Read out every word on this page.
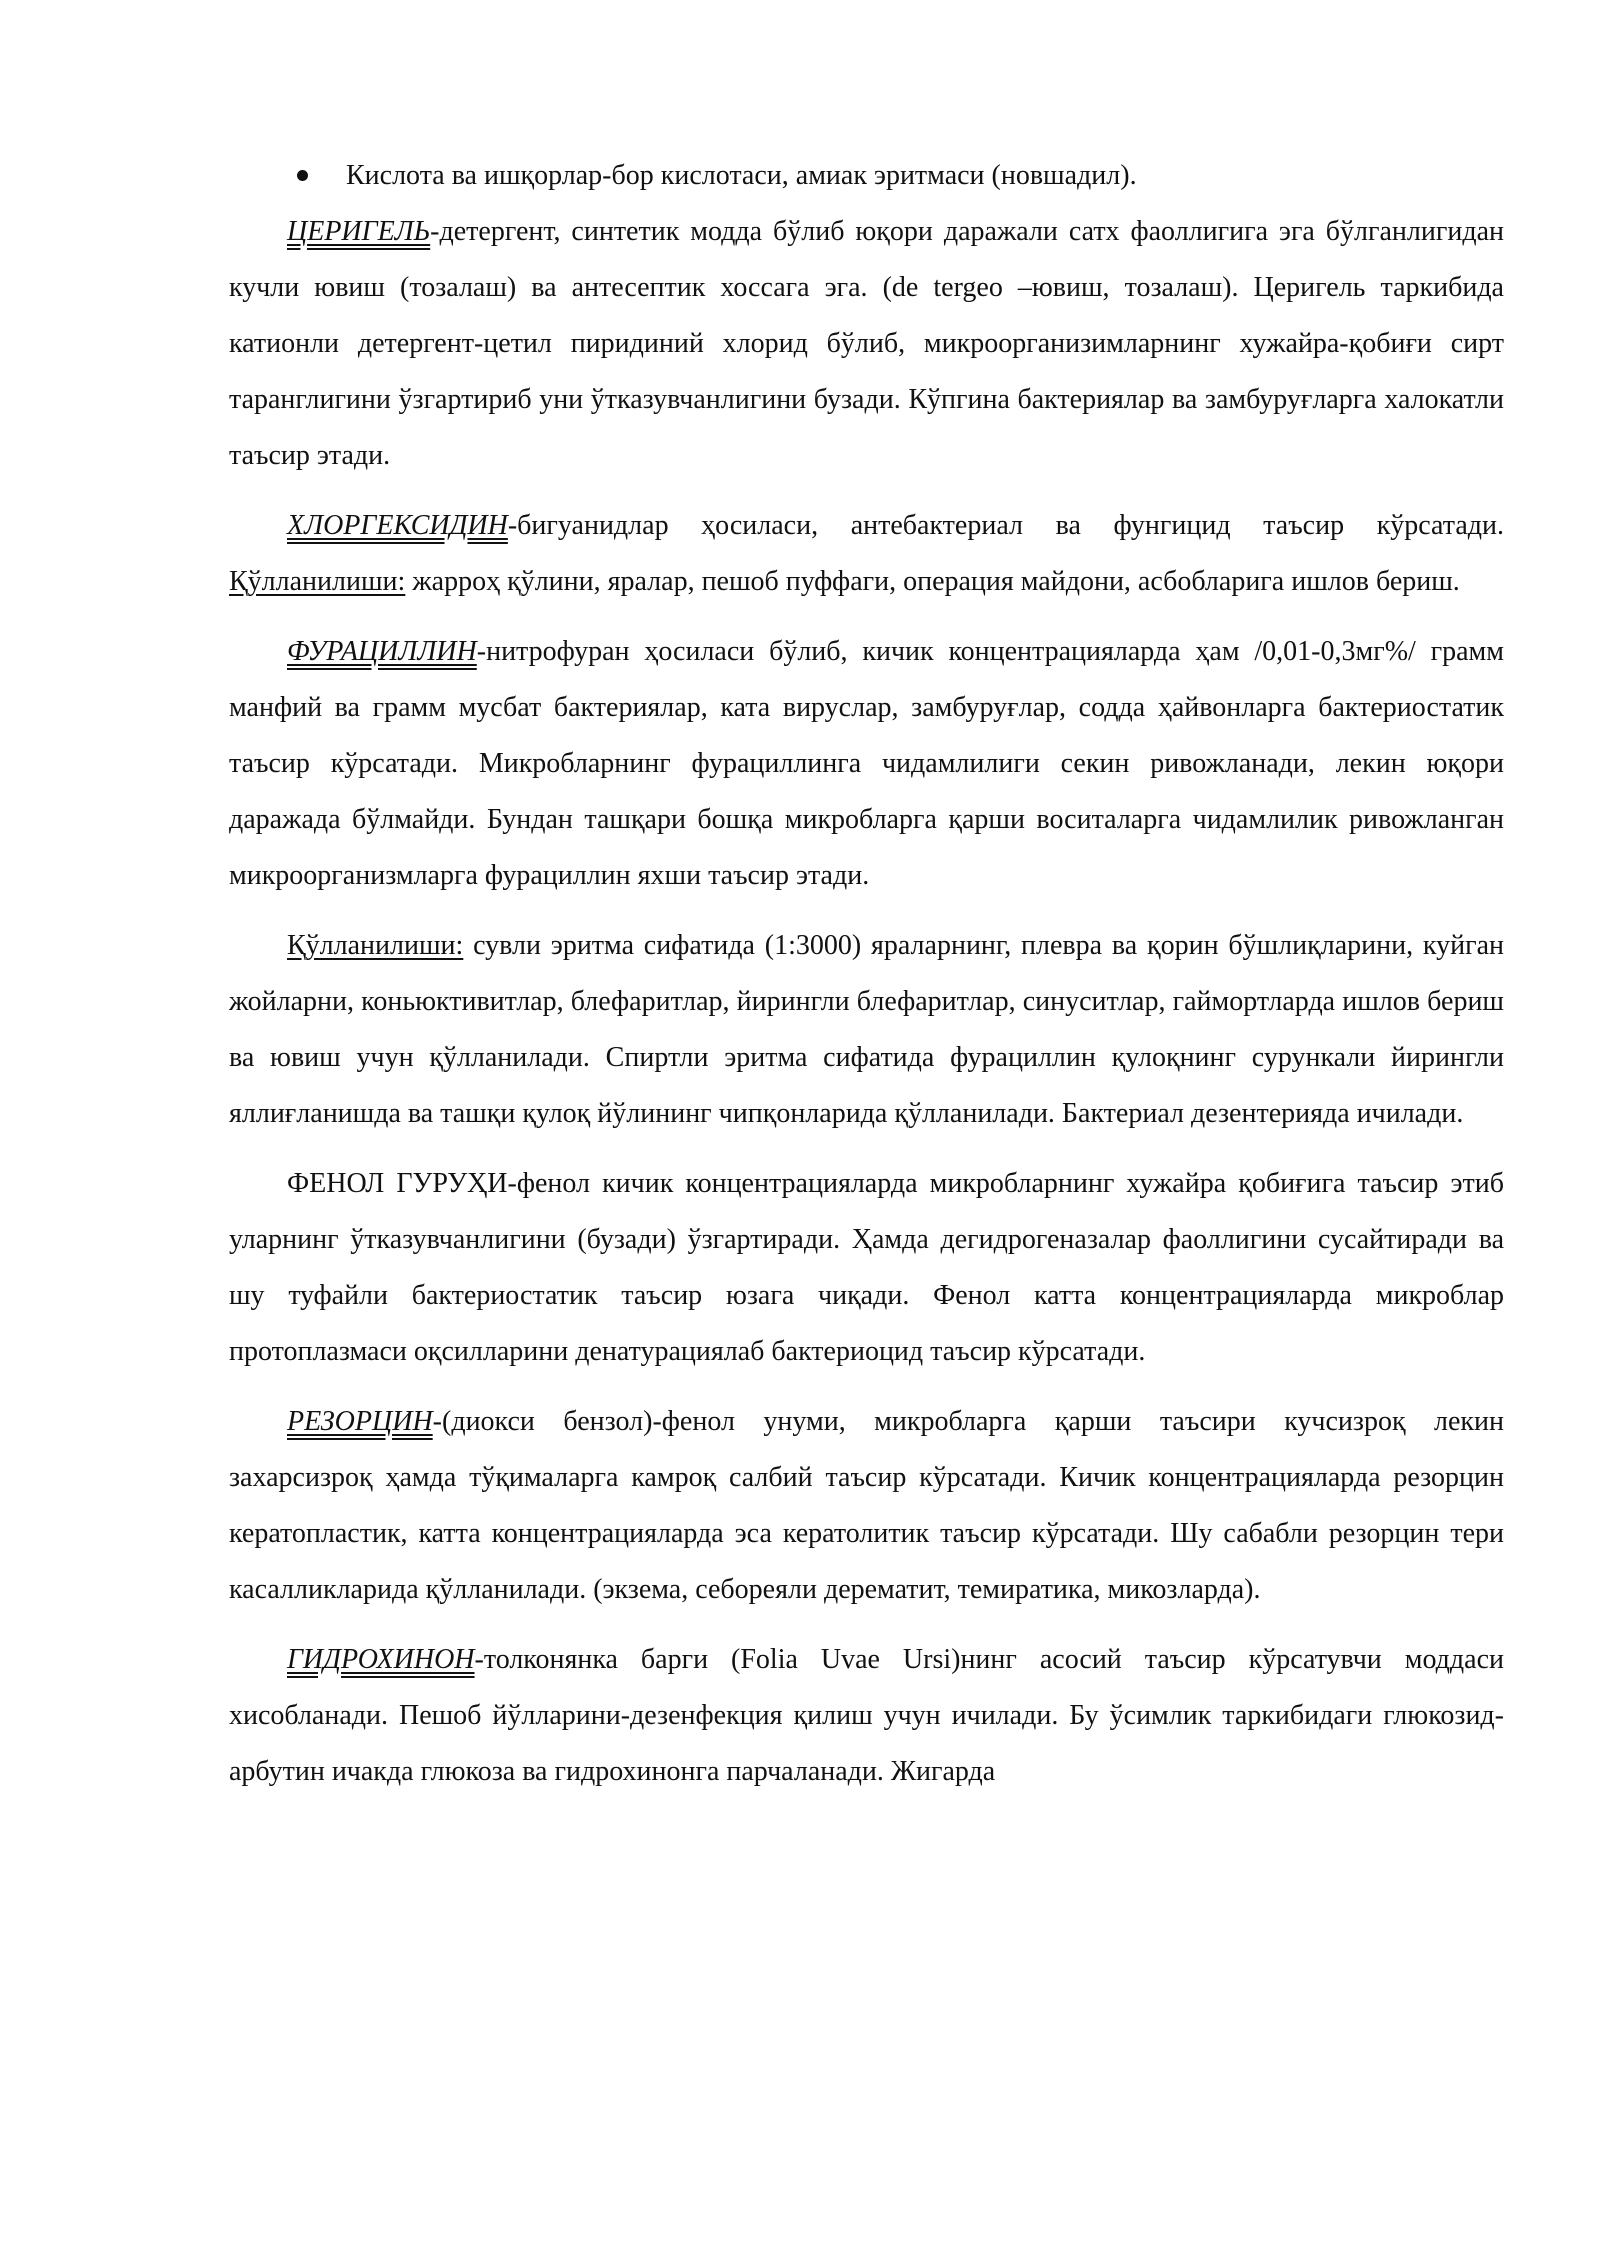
Кислота ва ишқорлар-бор кислотаси, амиак эритмаси (новшадил).

ЦЕРИГЕЛЬ-детергент, синтетик модда бўлиб юқори даражали сатх фаоллигига эга бўлганлигидан кучли ювиш (тозалаш) ва антесептик хоссага эга. (de tergeo –ювиш, тозалаш). Церигель таркибида катионли детергент-цетил пиридиний хлорид бўлиб, микроорганизимларнинг хужайра-қобиғи сирт таранглигини ўзгартириб уни ўтказувчанлигини бузади. Кўпгина бактериялар ва замбуруғларга халокатли таъсир этади.

ХЛОРГЕКСИДИН-бигуанидлар ҳосиласи, антебактериал ва фунгицид таъсир кўрсатади. Қўлланилиши: жарроҳ қўлини, яралар, пешоб пуффаги, операция майдони, асбобларига ишлов бериш.

ФУРАЦИЛЛИН-нитрофуран ҳосиласи бўлиб, кичик концентрацияларда ҳам /0,01-0,3мг%/ грамм манфий ва грамм мусбат бактериялар, ката вируслар, замбуруғлар, содда ҳайвонларга бактериостатик таъсир кўрсатади. Микробларнинг фурациллинга чидамлилиги секин ривожланади, лекин юқори даражада бўлмайди. Бундан ташқари бошқа микробларга қарши воситаларга чидамлилик ривожланган микроорганизмларга фурациллин яхши таъсир этади.

Қўлланилиши: сувли эритма сифатида (1:3000) яраларнинг, плевра ва қорин бўшлиқларини, куйган жойларни, коньюктивитлар, блефаритлар, йирингли блефаритлар, синуситлар, гаймортларда ишлов бериш ва ювиш учун қўлланилади. Спиртли эритма сифатида фурациллин қулоқнинг сурункали йирингли яллиғланишда ва ташқи қулоқ йўлининг чипқонларида қўлланилади. Бактериал дезентерияда ичилади.

ФЕНОЛ ГУРУҲИ-фенол кичик концентрацияларда микробларнинг хужайра қобиғига таъсир этиб уларнинг ўтказувчанлигини (бузади) ўзгартиради. Ҳамда дегидрогеназалар фаоллигини сусайтиради ва шу туфайли бактериостатик таъсир юзага чиқади. Фенол катта концентрацияларда микроблар протоплазмаси оқсилларини денатурациялаб бактериоцид таъсир кўрсатади.

РЕЗОРЦИН-(диокси бензол)-фенол унуми, микробларга қарши таъсири кучсизроқ лекин захарсизроқ ҳамда тўқималарга камроқ салбий таъсир кўрсатади. Кичик концентрацияларда резорцин кератопластик, катта концентрацияларда эса кератолитик таъсир кўрсатади. Шу сабабли резорцин тери касалликларида қўлланилади. (экзема, себореяли дерематит, темиратика, микозларда).

ГИДРОХИНОН-толконянка барги (Folia Uvae Ursi)нинг асосий таъсир кўрсатувчи моддаси хисобланади. Пешоб йўлларини-дезенфекция қилиш учун ичилади. Бу ўсимлик таркибидаги глюкозид-арбутин ичакда глюкоза ва гидрохинонга парчаланади. Жигарда
